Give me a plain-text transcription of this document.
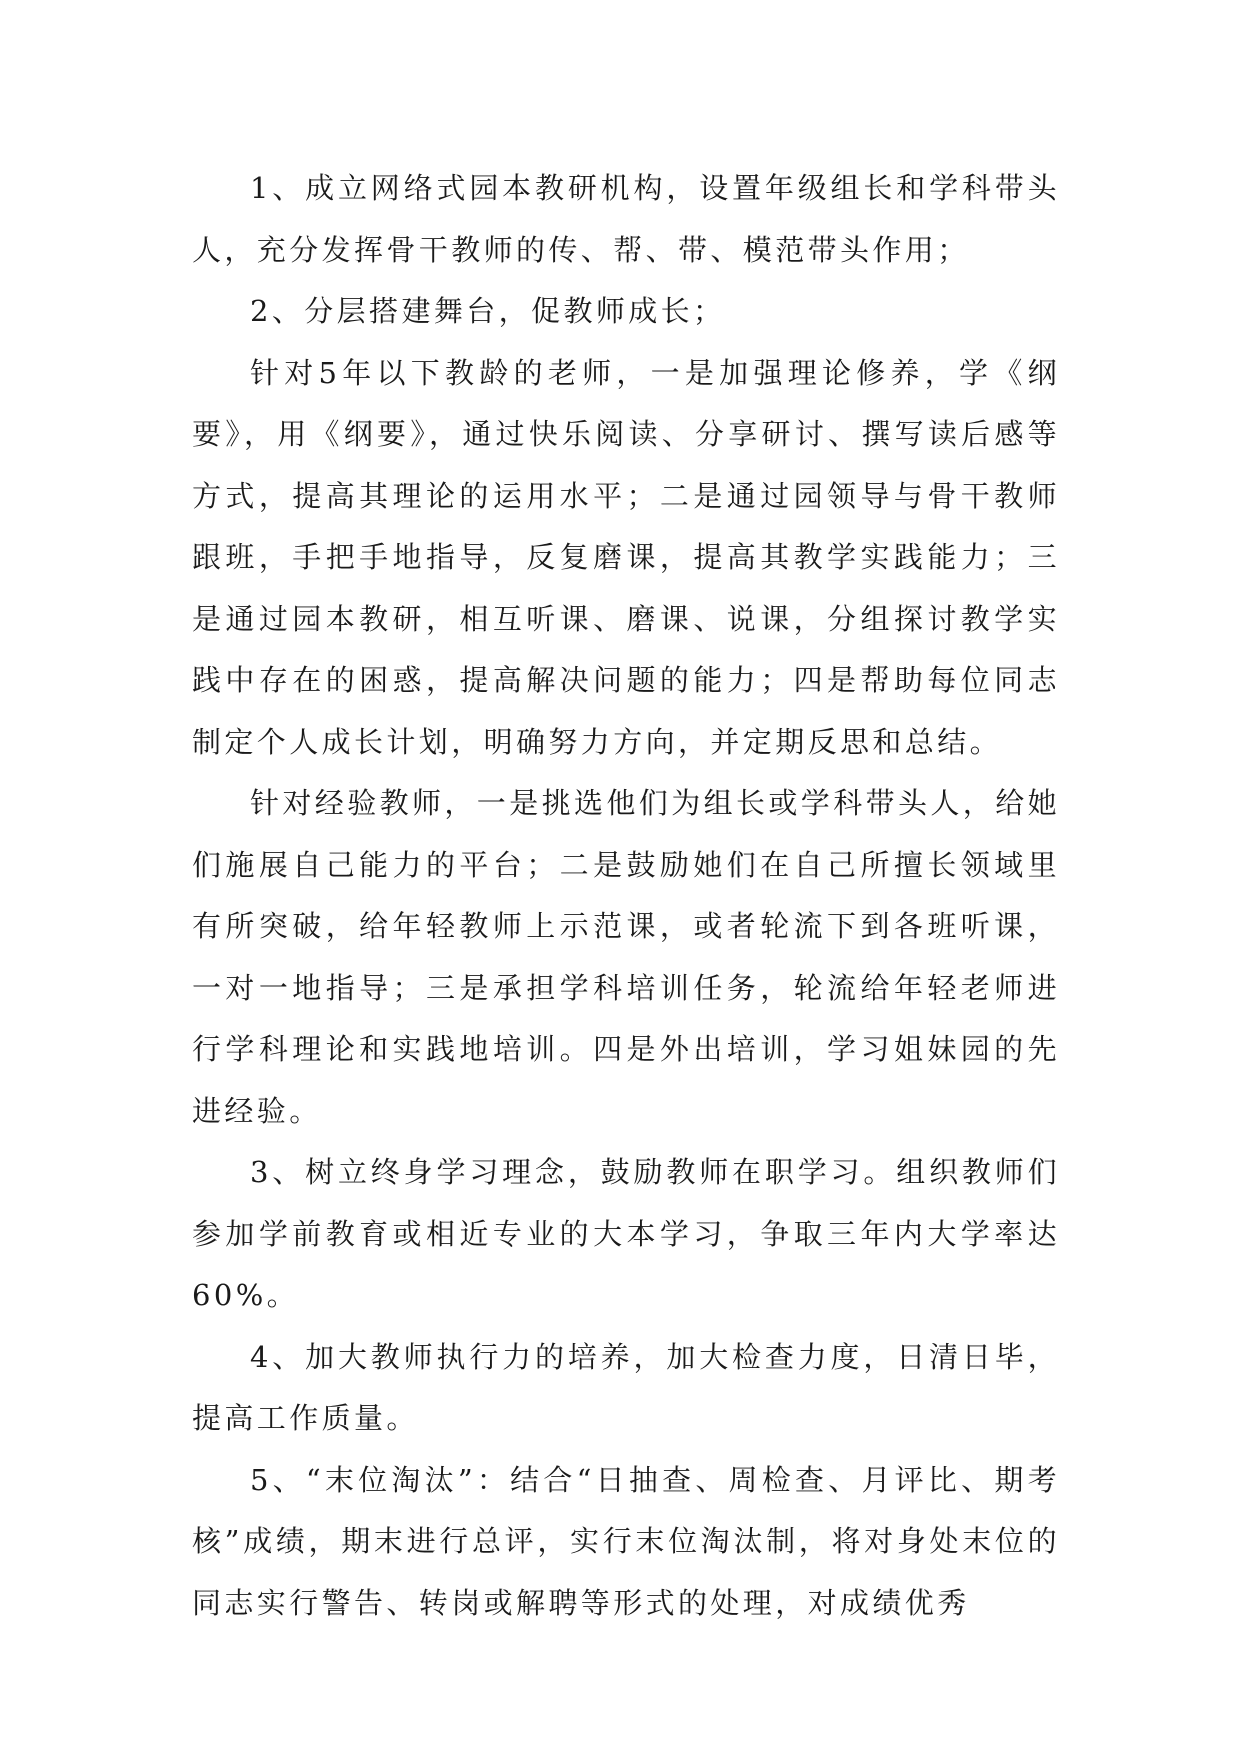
1、成立网络式园本教研机构，设置年级组长和学科带头人，充分发挥骨干教师的传、帮、带、模范带头作用；

2、分层搭建舞台，促教师成长；

针对5年以下教龄的老师，一是加强理论修养，学《纲要》，用《纲要》，通过快乐阅读、分享研讨、撰写读后感等方式，提高其理论的运用水平；二是通过园领导与骨干教师跟班，手把手地指导，反复磨课，提高其教学实践能力；三是通过园本教研，相互听课、磨课、说课，分组探讨教学实践中存在的困惑，提高解决问题的能力；四是帮助每位同志制定个人成长计划，明确努力方向，并定期反思和总结。

针对经验教师，一是挑选他们为组长或学科带头人，给她们施展自己能力的平台；二是鼓励她们在自己所擅长领域里有所突破，给年轻教师上示范课，或者轮流下到各班听课，一对一地指导；三是承担学科培训任务，轮流给年轻老师进行学科理论和实践地培训。四是外出培训，学习姐妹园的先进经验。

3、树立终身学习理念，鼓励教师在职学习。组织教师们参加学前教育或相近专业的大本学习，争取三年内大学率达60%。

4、加大教师执行力的培养，加大检查力度，日清日毕，提高工作质量。

5、“末位淘汰”：结合“日抽查、周检查、月评比、期考核”成绩，期末进行总评，实行末位淘汰制，将对身处末位的同志实行警告、转岗或解聘等形式的处理，对成绩优秀
